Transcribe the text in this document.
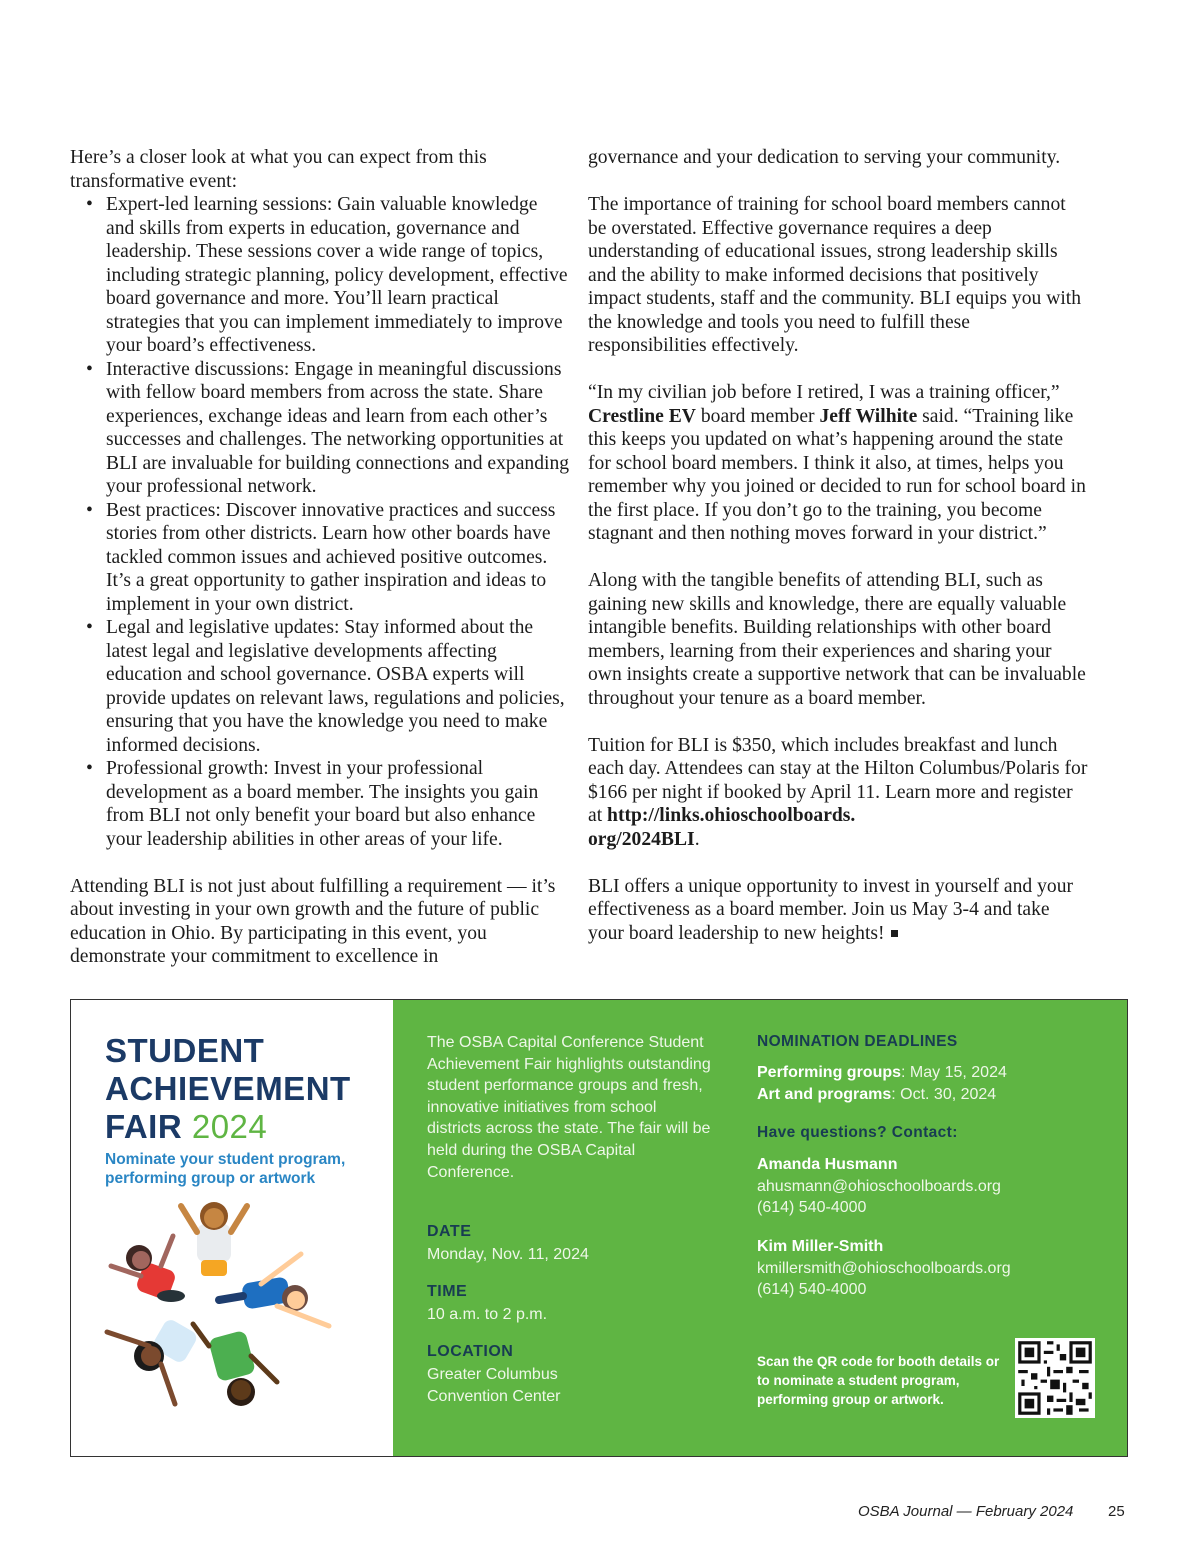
Here’s a closer look at what you can expect from this transformative event:

• Expert-led learning sessions: Gain valuable knowledge and skills from experts in education, governance and leadership. These sessions cover a wide range of topics, including strategic planning, policy development, effective board governance and more. You’ll learn practical strategies that you can implement immediately to improve your board’s effectiveness.
• Interactive discussions: Engage in meaningful discussions with fellow board members from across the state. Share experiences, exchange ideas and learn from each other’s successes and challenges. The networking opportunities at BLI are invaluable for building connections and expanding your professional network.
• Best practices: Discover innovative practices and success stories from other districts. Learn how other boards have tackled common issues and achieved positive outcomes. It’s a great opportunity to gather inspiration and ideas to implement in your own district.
• Legal and legislative updates: Stay informed about the latest legal and legislative developments affecting education and school governance. OSBA experts will provide updates on relevant laws, regulations and policies, ensuring that you have the knowledge you need to make informed decisions.
• Professional growth: Invest in your professional development as a board member. The insights you gain from BLI not only benefit your board but also enhance your leadership abilities in other areas of your life.

Attending BLI is not just about fulfilling a requirement — it’s about investing in your own growth and the future of public education in Ohio. By participating in this event, you demonstrate your commitment to excellence in

governance and your dedication to serving your community.

The importance of training for school board members cannot be overstated. Effective governance requires a deep understanding of educational issues, strong leadership skills and the ability to make informed decisions that positively impact students, staff and the community. BLI equips you with the knowledge and tools you need to fulfill these responsibilities effectively.

“In my civilian job before I retired, I was a training officer,” Crestline EV board member Jeff Wilhite said. “Training like this keeps you updated on what’s happening around the state for school board members. I think it also, at times, helps you remember why you joined or decided to run for school board in the first place. If you don’t go to the training, you become stagnant and then nothing moves forward in your district.”

Along with the tangible benefits of attending BLI, such as gaining new skills and knowledge, there are equally valuable intangible benefits. Building relationships with other board members, learning from their experiences and sharing your own insights create a supportive network that can be invaluable throughout your tenure as a board member.

Tuition for BLI is $350, which includes breakfast and lunch each day. Attendees can stay at the Hilton Columbus/Polaris for $166 per night if booked by April 11. Learn more and register at http://links.ohioschoolboards.
org/2024BLI.

BLI offers a unique opportunity to invest in yourself and your effectiveness as a board member. Join us May 3-4 and take your board leadership to new heights!

STUDENT
ACHIEVEMENT
FAIR 2024
Nominate your student program, performing group or artwork
The OSBA Capital Conference Student Achievement Fair highlights outstanding student performance groups and fresh, innovative initiatives from school districts across the state. The fair will be held during the OSBA Capital Conference.
DATE
Monday, Nov. 11, 2024
TIME
10 a.m. to 2 p.m.
LOCATION
Greater Columbus
Convention Center
NOMINATION DEADLINES
Performing groups: May 15, 2024
Art and programs: Oct. 30, 2024
Have questions? Contact:
Amanda Husmann
ahusmann@ohioschoolboards.org
(614) 540-4000
Kim Miller-Smith
kmillersmith@ohioschoolboards.org
(614) 540-4000
Scan the QR code for booth details or to nominate a student program, performing group or artwork.
OSBA Journal — February 2024 25
